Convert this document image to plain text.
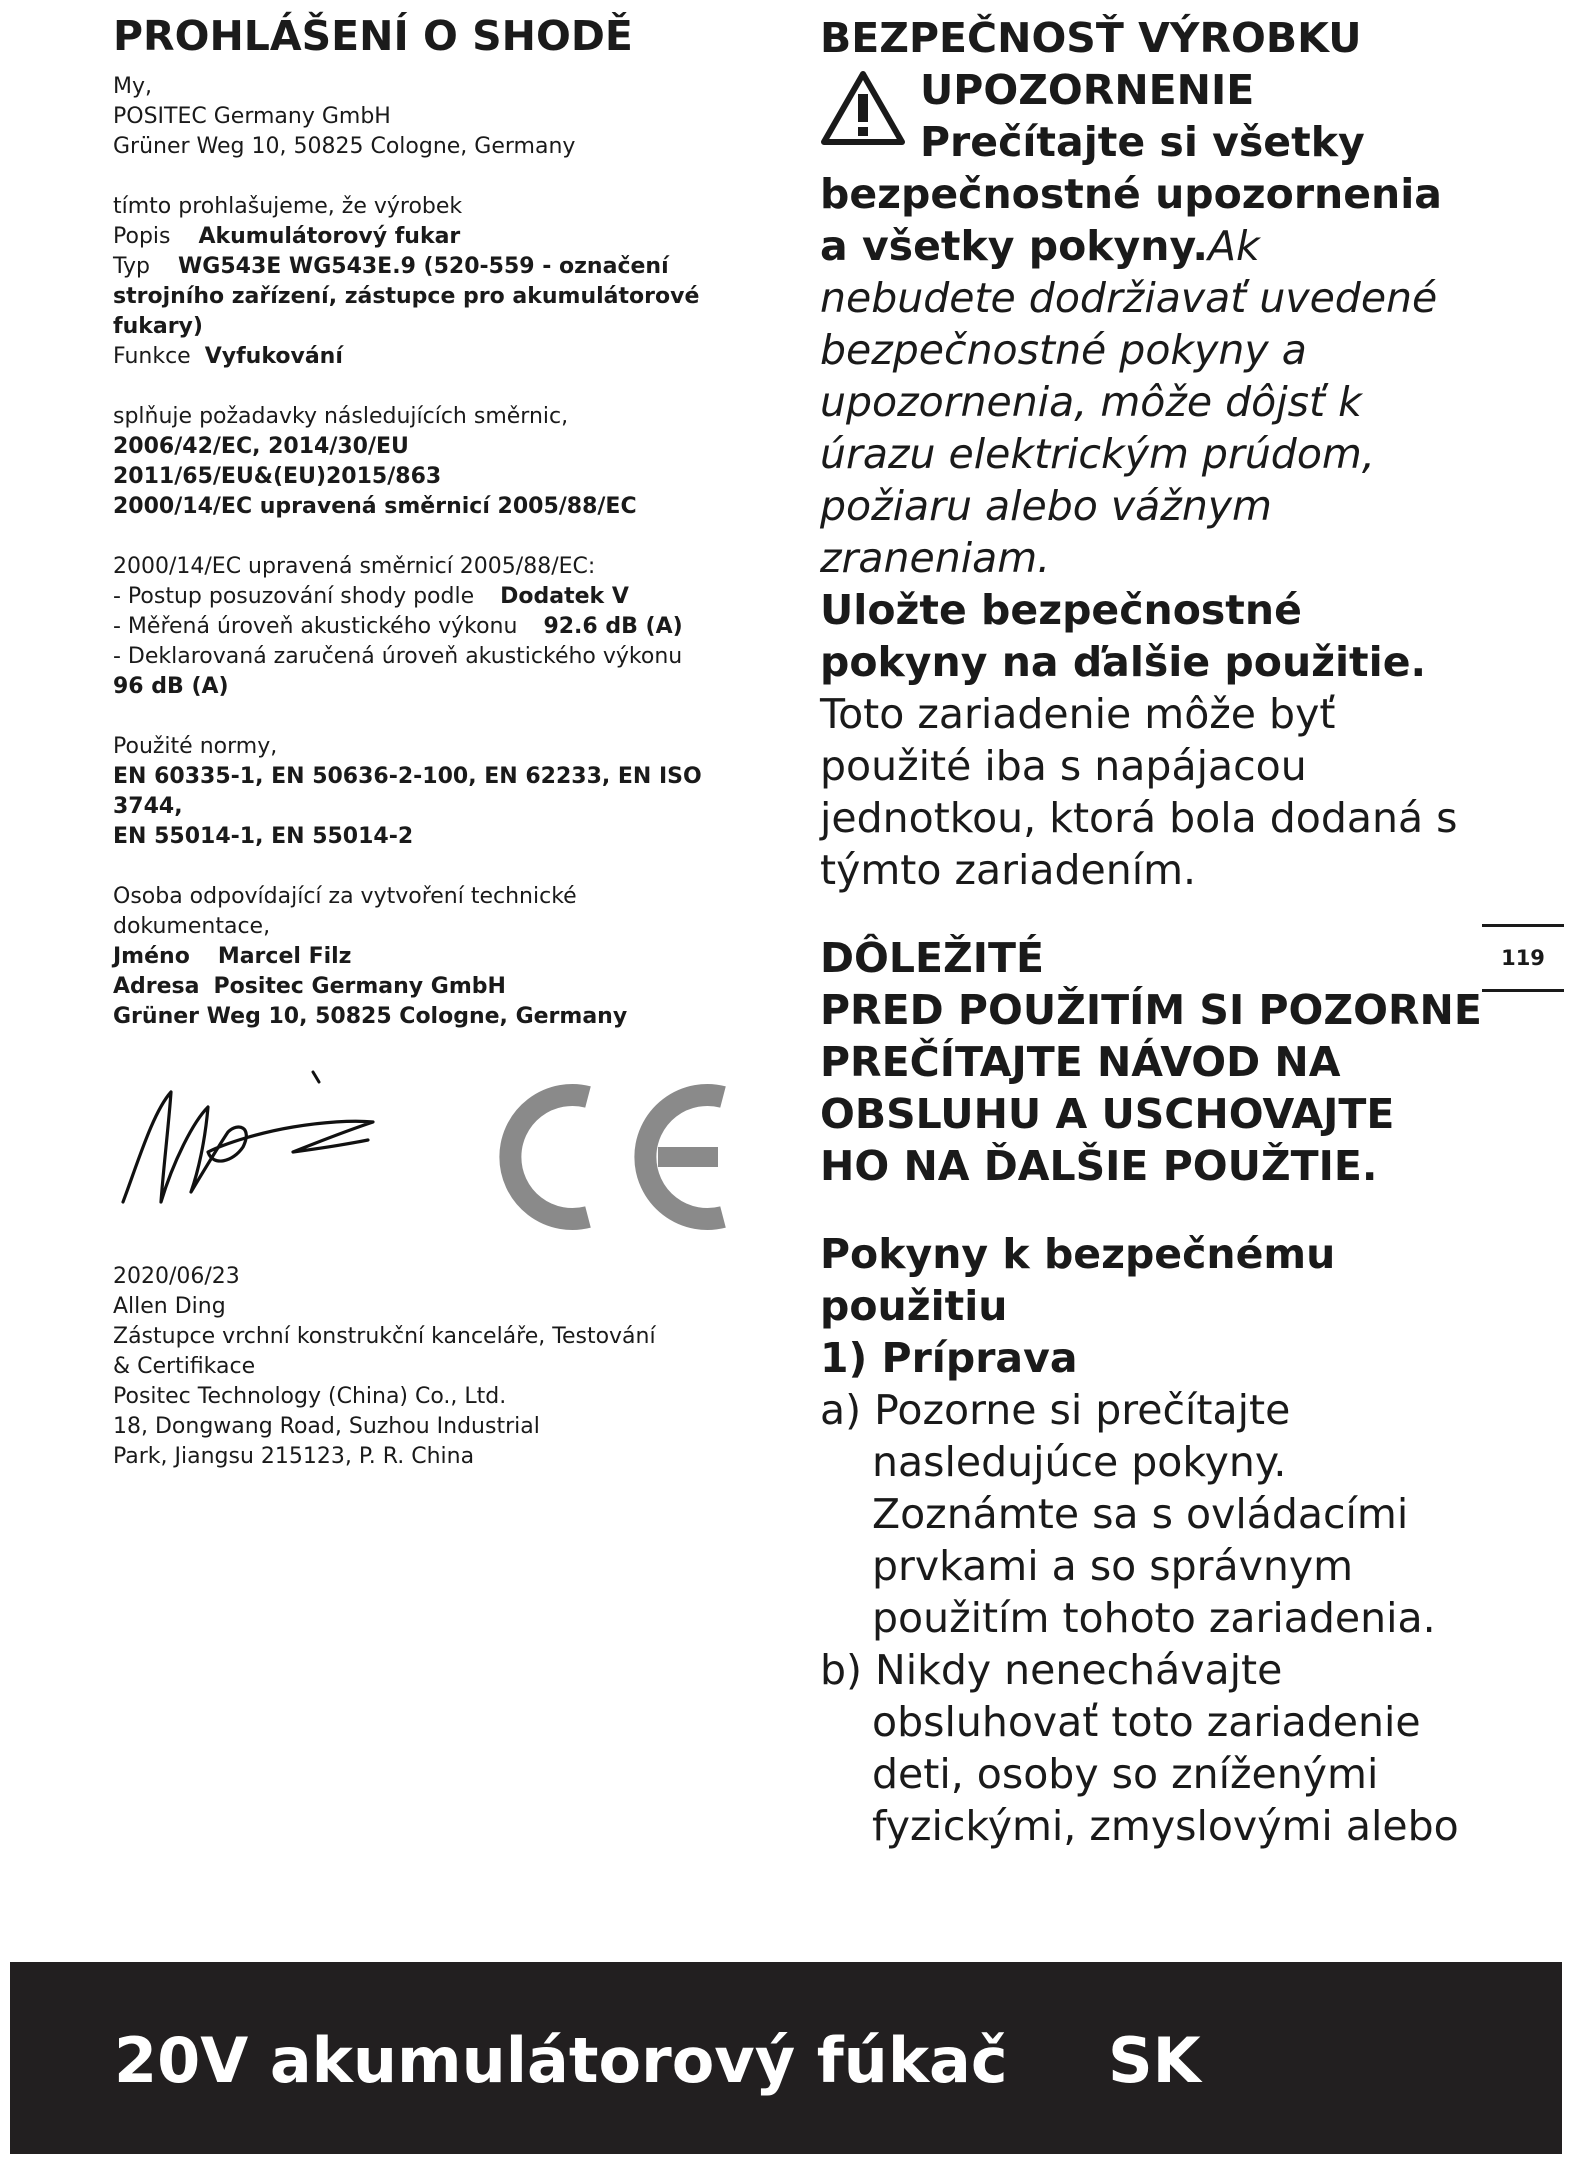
PROHLÁŠENÍ O SHODĚ

My,

POSITEC Germany GmbH

Grüner Weg 10, 50825 Cologne, Germany

tímto prohlašujeme, že výrobek

Popis Akumulátorový fukar

Typ WG543E WG543E.9 (520-559 - označení

strojního zařízení, zástupce pro akumulátorové

fukary)

Funkce Vyfukování

splňuje požadavky následujících směrnic,

2006/42/EC, 2014/30/EU

2011/65/EU&(EU)2015/863

2000/14/EC upravená směrnicí 2005/88/EC

2000/14/EC upravená směrnicí 2005/88/EC:

- Postup posuzování shody podle Dodatek V

- Měřená úroveň akustického výkonu 92.6 dB (A)

- Deklarovaná zaručená úroveň akustického výkonu

96 dB (A)

Použité normy,

EN 60335-1, EN 50636-2-100, EN 62233, EN ISO 3744,

EN 55014-1, EN 55014-2

Osoba odpovídající za vytvoření technické

dokumentace,

Jméno Marcel Filz

Adresa Positec Germany GmbH

Grüner Weg 10, 50825 Cologne, Germany

2020/06/23

Allen Ding

Zástupce vrchní konstrukční kanceláře, Testování

& Certifikace

Positec Technology (China) Co., Ltd.

18, Dongwang Road, Suzhou Industrial

Park, Jiangsu 215123, P. R. China

BEZPEČNOSŤ VÝROBKU
UPOZORNENIE

Prečítajte si všetky

bezpečnostné upozornenia

a všetky pokyny.Ak

nebudete dodržiavať uvedené

bezpečnostné pokyny a

upozornenia, môže dôjsť k

úrazu elektrickým prúdom,

požiaru alebo vážnym

zraneniam.

Uložte bezpečnostné

pokyny na ďalšie použitie.

Toto zariadenie môže byť

použité iba s napájacou

jednotkou, ktorá bola dodaná s

týmto zariadením.

DÔLEŽITÉ

PRED POUŽITÍM SI POZORNE

PREČÍTAJTE NÁVOD NA

OBSLUHU A USCHOVAJTE

HO NA ĎALŠIE POUŽTIE.

Pokyny k bezpečnému

použitiu

1) Príprava

a) Pozorne si prečítajte

nasledujúce pokyny.

Zoznámte sa s ovládacími

prvkami a so správnym

použitím tohoto zariadenia.

b) Nikdy nenechávajte

obsluhovať toto zariadenie

deti, osoby so zníženými

fyzickými, zmyslovými alebo

119
20V akumulátorový fúkač SK
